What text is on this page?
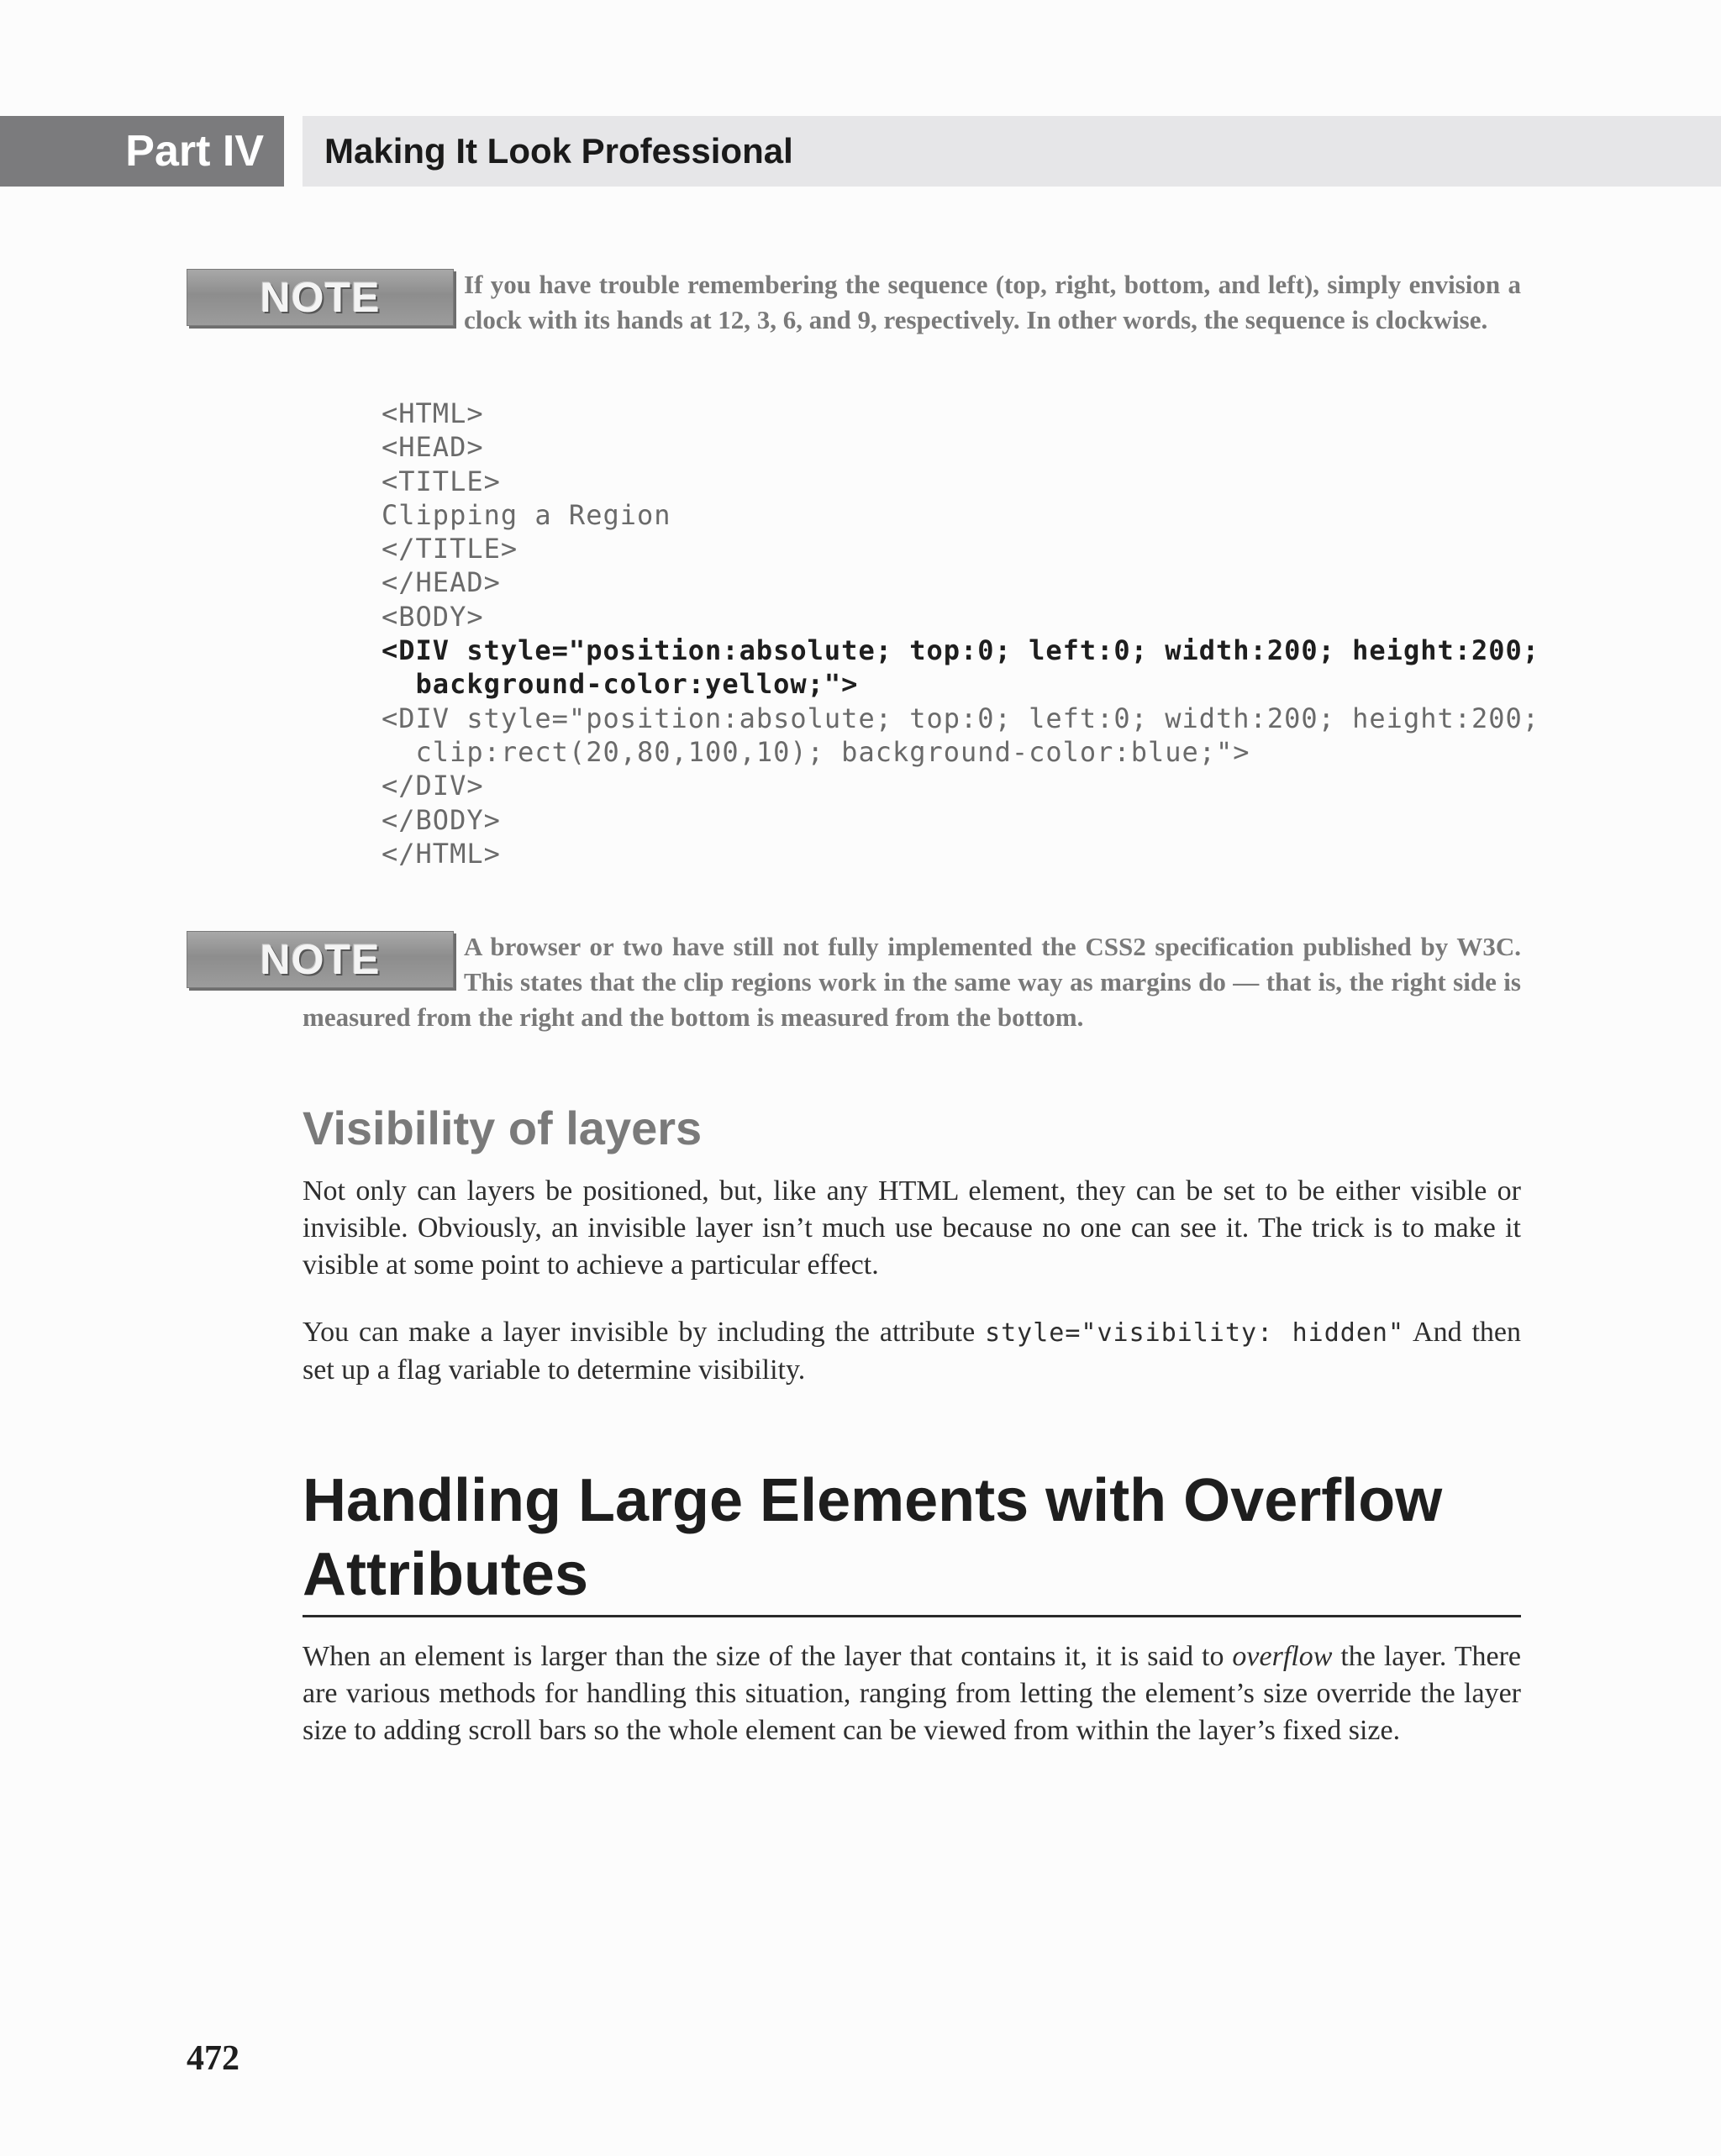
Part IV	Making It Look Professional
NOTE	If you have trouble remembering the sequence (top, right, bottom, and left), simply envision a clock with its hands at 12, 3, 6, and 9, respectively. In other words, the sequence is clockwise.
<HTML>
<HEAD>
<TITLE>
Clipping a Region
</TITLE>
</HEAD>
<BODY>
<DIV style="position:absolute; top:0; left:0; width:200; height:200;
background-color:yellow;">
<DIV style="position:absolute; top:0; left:0; width:200; height:200;
clip:rect(20,80,100,10); background-color:blue;">
</DIV>
</BODY>
</HTML>
NOTE	A browser or two have still not fully implemented the CSS2 specification published by W3C. This states that the clip regions work in the same way as margins do — that is, the right side is measured from the right and the bottom is measured from the bottom.
Visibility of layers

Not only can layers be positioned, but, like any HTML element, they can be set to be either visible or invisible. Obviously, an invisible layer isn’t much use because no one can see it. The trick is to make it visible at some point to achieve a particular effect.

You can make a layer invisible by including the attribute style="visibility: hidden" And then set up a flag variable to determine visibility.

Handling Large Elements with Overflow Attributes

When an element is larger than the size of the layer that contains it, it is said to overflow the layer. There are various methods for handling this situation, ranging from letting the element’s size override the layer size to adding scroll bars so the whole element can be viewed from within the layer’s fixed size.

472
